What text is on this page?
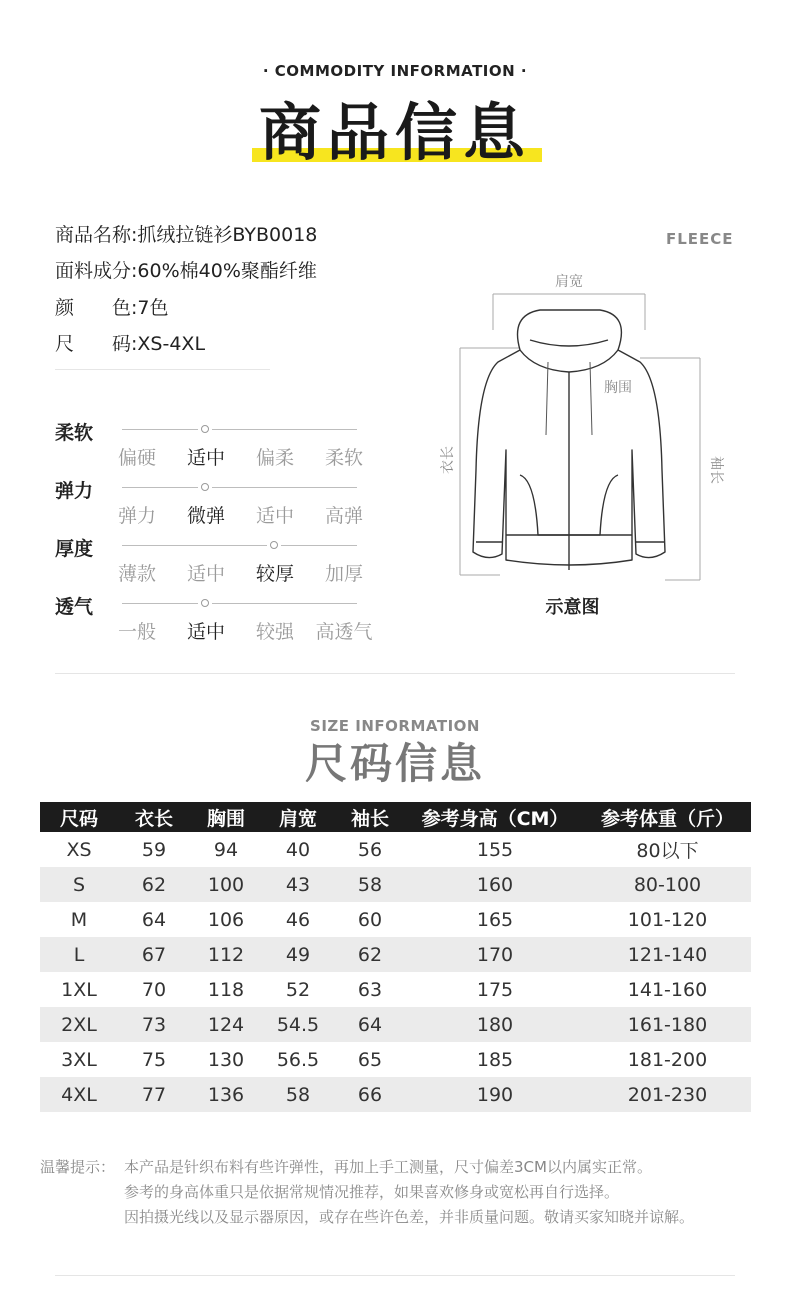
· COMMODITY INFORMATION ·
商品信息
商品名称:抓绒拉链衫BYB0018
面料成分:60%棉40%聚酯纤维
颜　　色:7色
尺　　码:XS-4XL
FLEECE
柔软
偏硬	适中	偏柔	柔软
弹力
弹力	微弹	适中	高弹
厚度
薄款	适中	较厚	加厚
透气
一般	适中	较强	高透气
肩宽
胸围
衣长	袖长
示意图
SIZE INFORMATION
尺码信息
尺码	衣长	胸围	肩宽	袖长	参考身高（CM）	参考体重（斤）
XS	59	94	40	56	155	80以下
S	62	100	43	58	160	80-100
M	64	106	46	60	165	101-120
L	67	112	49	62	170	121-140
1XL	70	118	52	63	175	141-160
2XL	73	124	54.5	64	180	161-180
3XL	75	130	56.5	65	185	181-200
4XL	77	136	58	66	190	201-230
温馨提示： 本产品是针织布料有些许弹性，再加上手工测量，尺寸偏差3CM以内属实正常。
参考的身高体重只是依据常规情况推荐，如果喜欢修身或宽松再自行选择。
因拍摄光线以及显示器原因，或存在些许色差，并非质量问题。敬请买家知晓并谅解。
